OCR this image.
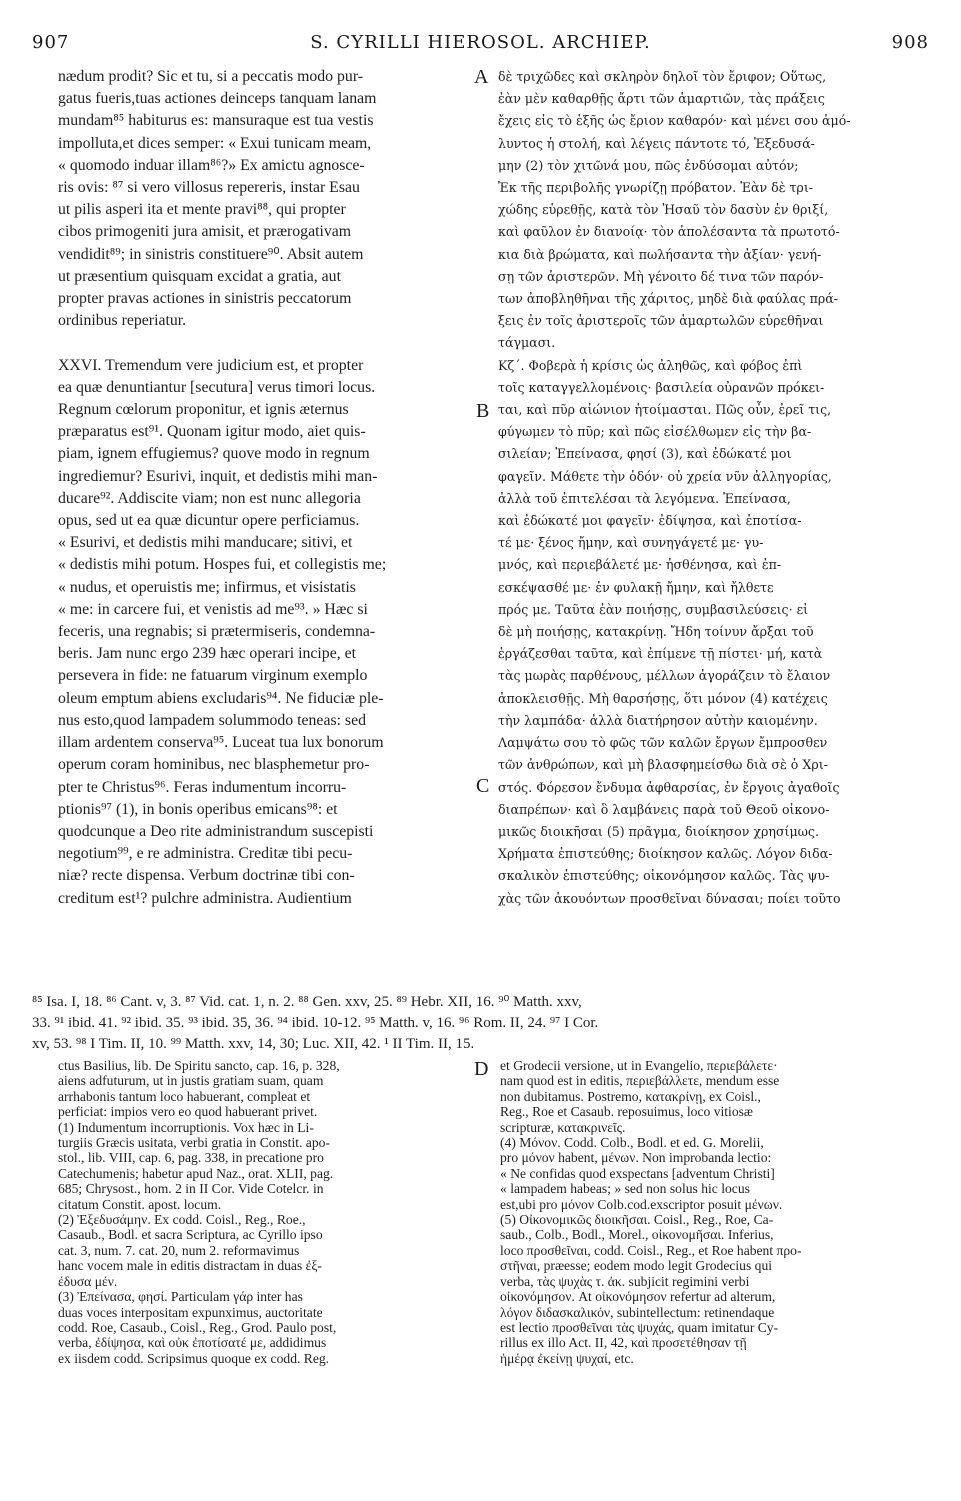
907	S. CYRILLI HIEROSOL. ARCHIEP.	908

nædum prodit? Sic et tu, si a peccatis modo pur-
gatus fueris,tuas actiones deinceps tanquam lanam
mundam⁸⁵ habiturus es: mansuraque est tua vestis
impolluta,et dices semper: « Exui tunicam meam,
« quomodo induar illam⁸⁶?» Ex amictu agnosce-
ris ovis: ⁸⁷ si vero villosus repereris, instar Esau
ut pilis asperi ita et mente pravi⁸⁸, qui propter
cibos primogeniti jura amisit, et prærogativam
vendidit⁸⁹; in sinistris constituere⁹⁰. Absit autem
ut præsentium quisquam excidat a gratia, aut
propter pravas actiones in sinistris peccatorum
ordinibus reperiatur.

XXVI. Tremendum vere judicium est, et propter
ea quæ denuntiantur [secutura] verus timori locus.
Regnum cœlorum proponitur, et ignis æternus
præparatus est⁹¹. Quonam igitur modo, aiet quis-
piam, ignem effugiemus? quove modo in regnum
ingrediemur? Esurivi, inquit, et dedistis mihi man-
ducare⁹². Addiscite viam; non est nunc allegoria
opus, sed ut ea quæ dicuntur opere perficiamus.
« Esurivi, et dedistis mihi manducare; sitivi, et
« dedistis mihi potum. Hospes fui, et collegistis me;
« nudus, et operuistis me; infirmus, et visistatis
« me: in carcere fui, et venistis ad me⁹³. » Hæc si
feceris, una regnabis; si prætermiseris, condemna-
beris. Jam nunc ergo 239 hæc operari incipe, et
persevera in fide: ne fatuarum virginum exemplo
oleum emptum abiens excludaris⁹⁴. Ne fiduciæ ple-
nus esto,quod lampadem solummodo teneas: sed
illam ardentem conserva⁹⁵. Luceat tua lux bonorum
operum coram hominibus, nec blasphemetur pro-
pter te Christus⁹⁶. Feras indumentum incorru-
ptionis⁹⁷ (1), in bonis operibus emicans⁹⁸: et
quodcunque a Deo rite administrandum suscepisti
negotium⁹⁹, e re administra. Creditæ tibi pecu-
niæ? recte dispensa. Verbum doctrinæ tibi con-
creditum est¹? pulchre administra. Audientium

δὲ τριχῶδες καὶ σκληρὸν δηλοῖ τὸν ἔριφον; Οὕτως,
ἐὰν μὲν καθαρθῇς ἄρτι τῶν ἁμαρτιῶν, τὰς πράξεις
ἔχεις εἰς τὸ ἑξῆς ὡς ἔριον καθαρόν· καὶ μένει σου ἀμό-
λυντος ἡ στολή, καὶ λέγεις πάντοτε τό, Ἐξεδυσά-
μην (2) τὸν χιτῶνά μου, πῶς ἐνδύσομαι αὐτόν;
Ἐκ τῆς περιβολῆς γνωρίζῃ πρόβατον. Ἐὰν δὲ τρι-
χώδης εὑρεθῇς, κατὰ τὸν Ἠσαῦ τὸν δασὺν ἐν θριξί,
καὶ φαῦλον ἐν διανοίᾳ· τὸν ἀπολέσαντα τὰ πρωτοτό-
κια διὰ βρώματα, καὶ πωλήσαντα τὴν ἀξίαν· γενή-
σῃ τῶν ἀριστερῶν. Μὴ γένοιτο δέ τινα τῶν παρόν-
των ἀποβληθῆναι τῆς χάριτος, μηδὲ διὰ φαύλας πρά-
ξεις ἐν τοῖς ἀριστεροῖς τῶν ἁμαρτωλῶν εὑρεθῆναι
τάγμασι.
Κζ΄. Φοβερὰ ἡ κρίσις ὡς ἀληθῶς, καὶ φόβος ἐπὶ
τοῖς καταγγελλομένοις· βασιλεία οὐρανῶν πρόκει-
ται, καὶ πῦρ αἰώνιον ἡτοίμασται. Πῶς οὖν, ἐρεῖ τις,
φύγωμεν τὸ πῦρ; καὶ πῶς εἰσέλθωμεν εἰς τὴν βα-
σιλείαν; Ἐπείνασα, φησί (3), καὶ ἐδώκατέ μοι
φαγεῖν. Μάθετε τὴν ὁδόν· οὐ χρεία νῦν ἀλληγορίας,
ἀλλὰ τοῦ ἐπιτελέσαι τὰ λεγόμενα. Ἐπείνασα,
καὶ ἐδώκατέ μοι φαγεῖν· ἐδίψησα, καὶ ἐποτίσα-
τέ με· ξένος ἤμην, καὶ συνηγάγετέ με· γυ-
μνός, καὶ περιεβάλετέ με· ἠσθένησα, καὶ ἐπ-
εσκέψασθέ με· ἐν φυλακῇ ἤμην, καὶ ἤλθετε
πρός με. Ταῦτα ἐὰν ποιήσῃς, συμβασιλεύσεις· εἰ
δὲ μὴ ποιήσῃς, κατακρίνῃ. Ἤδη τοίνυν ἄρξαι τοῦ
ἐργάζεσθαι ταῦτα, καὶ ἐπίμενε τῇ πίστει· μή, κατὰ
τὰς μωρὰς παρθένους, μέλλων ἀγοράζειν τὸ ἔλαιον
ἀποκλεισθῇς. Μὴ θαρσήσῃς, ὅτι μόνον (4) κατέχεις
τὴν λαμπάδα· ἀλλὰ διατήρησον αὐτὴν καιομένην.
Λαμψάτω σου τὸ φῶς τῶν καλῶν ἔργων ἔμπροσθεν
τῶν ἀνθρώπων, καὶ μὴ βλασφημείσθω διὰ σὲ ὁ Χρι-
στός. Φόρεσον ἔνδυμα ἀφθαρσίας, ἐν ἔργοις ἀγαθοῖς
διαπρέπων· καὶ ὃ λαμβάνεις παρὰ τοῦ Θεοῦ οἰκονο-
μικῶς διοικῆσαι (5) πρᾶγμα, διοίκησον χρησίμως.
Χρήματα ἐπιστεύθης; διοίκησον καλῶς. Λόγον διδα-
σκαλικὸν ἐπιστεύθης; οἰκονόμησον καλῶς. Τὰς ψυ-
χὰς τῶν ἀκουόντων προσθεῖναι δύνασαι; ποίει τοῦτο

A
B
C
D

⁸⁵ Isa. I, 18. ⁸⁶ Cant. v, 3. ⁸⁷ Vid. cat. 1, n. 2. ⁸⁸ Gen. xxv, 25. ⁸⁹ Hebr. XII, 16. ⁹⁰ Matth. xxv,
33. ⁹¹ ibid. 41. ⁹² ibid. 35. ⁹³ ibid. 35, 36. ⁹⁴ ibid. 10-12. ⁹⁵ Matth. v, 16. ⁹⁶ Rom. II, 24. ⁹⁷ I Cor.
xv, 53. ⁹⁸ I Tim. II, 10. ⁹⁹ Matth. xxv, 14, 30; Luc. XII, 42. ¹ II Tim. II, 15.

ctus Basilius, lib. De Spiritu sancto, cap. 16, p. 328,
aiens adfuturum, ut in justis gratiam suam, quam
arrhabonis tantum loco habuerant, compleat et
perficiat: impios vero eo quod habuerant privet.
(1) Indumentum incorruptionis. Vox hæc in Li-
turgiis Græcis usitata, verbi gratia in Constit. apo-
stol., lib. VIII, cap. 6, pag. 338, in precatione pro
Catechumenis; habetur apud Naz., orat. XLII, pag.
685; Chrysost., hom. 2 in II Cor. Vide Cotelcr. in
citatum Constit. apost. locum.
(2) Ἐξεδυσάμην. Ex codd. Coisl., Reg., Roe.,
Casaub., Bodl. et sacra Scriptura, ac Cyrillo ipso
cat. 3, num. 7. cat. 20, num 2. reformavimus
hanc vocem male in editis distractam in duas ἐξ-
έδυσα μέν.
(3) Ἐπείνασα, φησί. Particulam γάρ inter has
duas voces interpositam expunximus, auctoritate
codd. Roe, Casaub., Coisl., Reg., Grod. Paulo post,
verba, ἐδίψησα, καὶ οὐκ ἐποτίσατέ με, addidimus
ex iisdem codd. Scripsimus quoque ex codd. Reg.

et Grodecii versione, ut in Evangelio, περιεβάλετε·
nam quod est in editis, περιεβάλλετε, mendum esse
non dubitamus. Postremo, κατακρίνῃ, ex Coisl.,
Reg., Roe et Casaub. reposuimus, loco vitiosæ
scripturæ, κατακρινεῖς.
(4) Μόνον. Codd. Colb., Bodl. et ed. G. Morelii,
pro μόνον habent, μένων. Non improbanda lectio:
« Ne confidas quod exspectans [adventum Christi]
« lampadem habeas; » sed non solus hic locus
est,ubi pro μόνον Colb.cod.exscriptor posuit μένων.
(5) Οἰκονομικῶς διοικῆσαι. Coisl., Reg., Roe, Ca-
saub., Colb., Bodl., Morel., οἰκονομῆσαι. Inferius,
loco προσθεῖναι, codd. Coisl., Reg., et Roe habent προ-
στῆναι, præesse; eodem modo legit Grodecius qui
verba, τὰς ψυχὰς τ. ἀκ. subjicit regimini verbi
οἰκονόμησον. At οἰκονόμησον refertur ad alterum,
λόγον διδασκαλικόν, subintellectum: retinendaque
est lectio προσθεῖναι τὰς ψυχάς, quam imitatur Cy-
rillus ex illo Act. II, 42, καὶ προσετέθησαν τῇ
ἡμέρᾳ ἐκείνῃ ψυχαί, etc.
